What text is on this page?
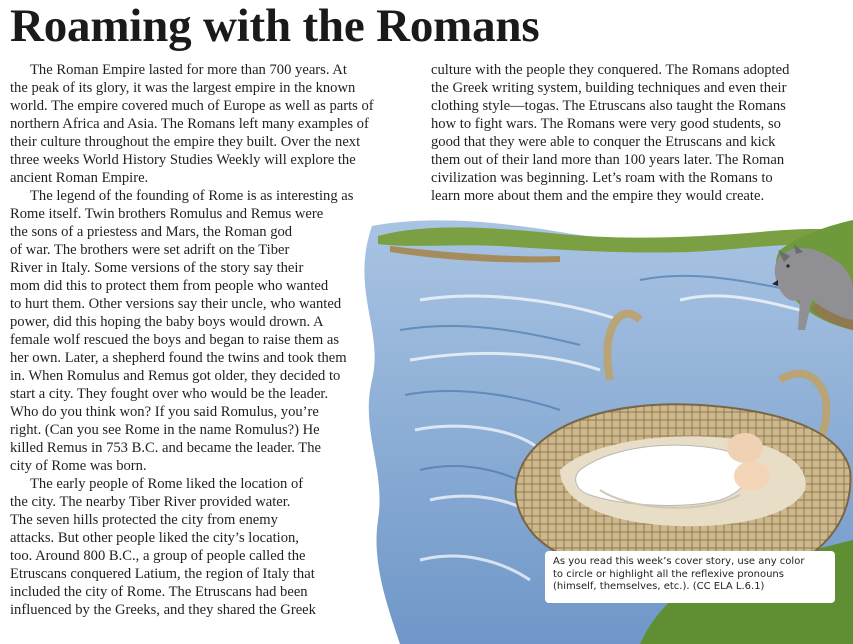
Roaming with the Romans
The Roman Empire lasted for more than 700 years. At
the peak of its glory, it was the largest empire in the known
world. The empire covered much of Europe as well as parts of
northern Africa and Asia. The Romans left many examples of
their culture throughout the empire they built. Over the next
three weeks World History Studies Weekly will explore the
ancient Roman Empire.
The legend of the founding of Rome is as interesting as
Rome itself. Twin brothers Romulus and Remus were
the sons of a priestess and Mars, the Roman god
of war. The brothers were set adrift on the Tiber
River in Italy. Some versions of the story say their
mom did this to protect them from people who wanted
to hurt them. Other versions say their uncle, who wanted
power, did this hoping the baby boys would drown. A
female wolf rescued the boys and began to raise them as
her own. Later, a shepherd found the twins and took them
in. When Romulus and Remus got older, they decided to
start a city. They fought over who would be the leader.
Who do you think won? If you said Romulus, you’re
right. (Can you see Rome in the name Romulus?) He
killed Remus in 753 B.C. and became the leader. The
city of Rome was born.
The early people of Rome liked the location of
the city. The nearby Tiber River provided water.
The seven hills protected the city from enemy
attacks. But other people liked the city’s location,
too. Around 800 B.C., a group of people called the
Etruscans conquered Latium, the region of Italy that
included the city of Rome. The Etruscans had been
influenced by the Greeks, and they shared the Greek
culture with the people they conquered. The Romans adopted
the Greek writing system, building techniques and even their
clothing style—togas. The Etruscans also taught the Romans
how to fight wars. The Romans were very good students, so
good that they were able to conquer the Etruscans and kick
them out of their land more than 100 years later. The Roman
civilization was beginning. Let’s roam with the Romans to
learn more about them and the empire they would create.
As you read this week’s cover story, use any color
to circle or highlight all the reflexive pronouns
(himself, themselves, etc.). (CC ELA L.6.1)
